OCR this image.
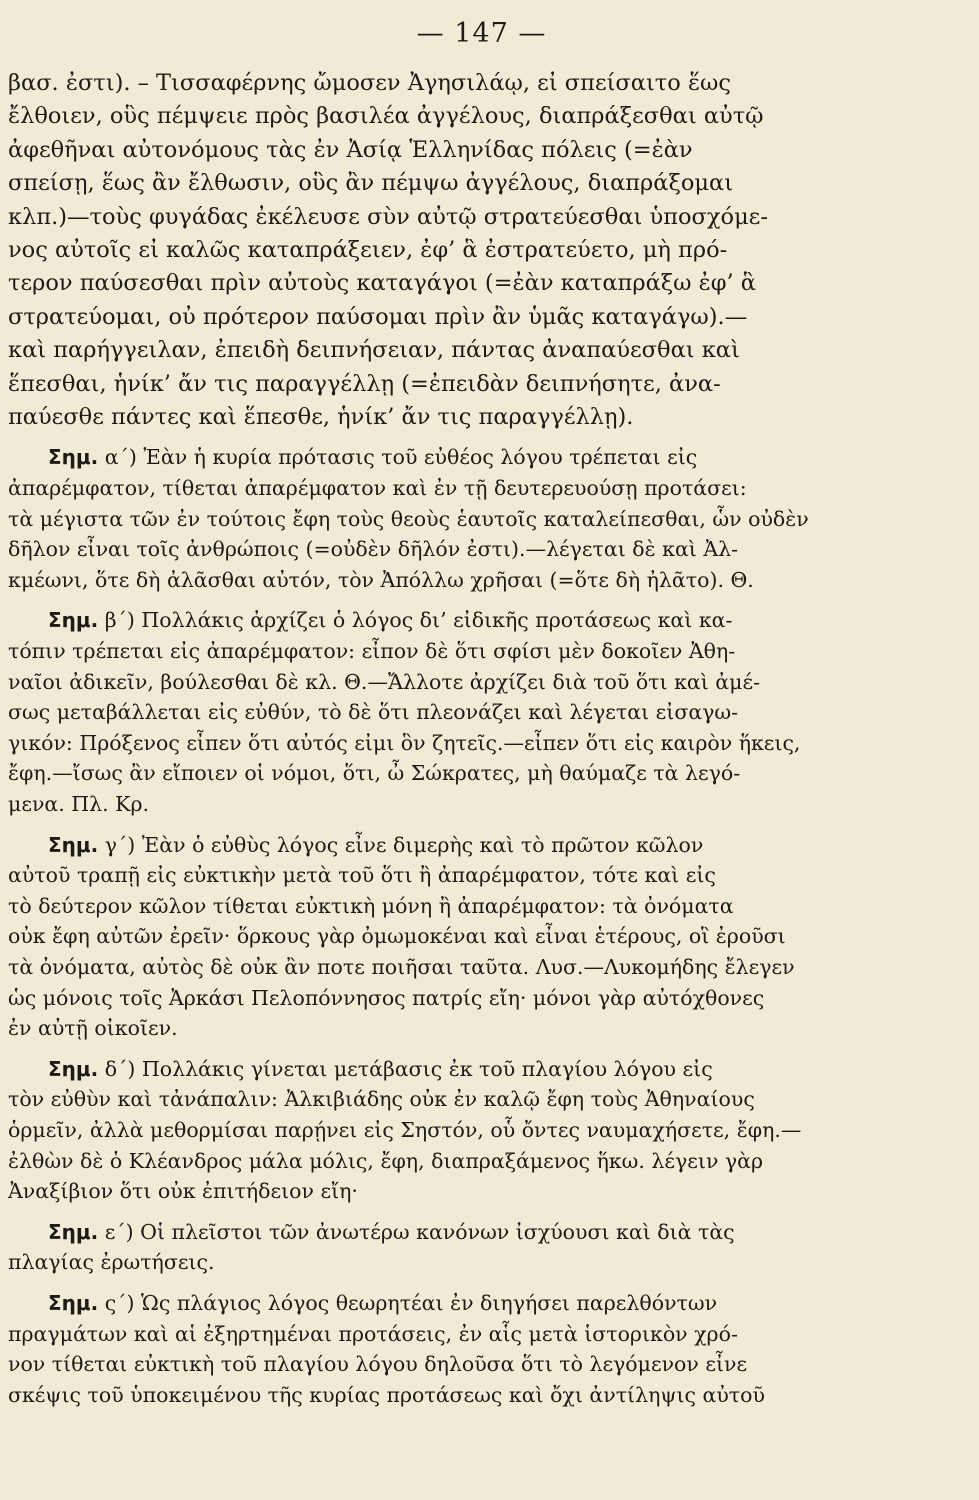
— 147 —

βασ. ἐστι). – Τισσαφέρνης ὤμοσεν Ἀγησιλάῳ, εἰ σπείσαιτο ἕως

ἔλθοιεν, οὓς πέμψειε πρὸς βασιλέα ἀγγέλους, διαπράξεσθαι αὐτῷ

ἀφεθῆναι αὐτονόμους τὰς ἐν Ἀσίᾳ Ἑλληνίδας πόλεις (=ἐὰν

σπείσῃ, ἕως ἂν ἔλθωσιν, οὓς ἂν πέμψω ἀγγέλους, διαπράξομαι

κλπ.)—τοὺς φυγάδας ἐκέλευσε σὺν αὐτῷ στρατεύεσθαι ὑποσχόμε-

νος αὐτοῖς εἰ καλῶς καταπράξειεν, ἐφ’ ἃ ἐστρατεύετο, μὴ πρό-

τερον παύσεσθαι πρὶν αὐτοὺς καταγάγοι (=ἐὰν καταπράξω ἐφ’ ἃ

στρατεύομαι, οὐ πρότερον παύσομαι πρὶν ἂν ὑμᾶς καταγάγω).—

καὶ παρήγγειλαν, ἐπειδὴ δειπνήσειαν, πάντας ἀναπαύεσθαι καὶ

ἕπεσθαι, ἡνίκ’ ἄν τις παραγγέλλῃ (=ἐπειδὰν δειπνήσητε, ἀνα-

παύεσθε πάντες καὶ ἕπεσθε, ἡνίκ’ ἄν τις παραγγέλλῃ).

Σημ. α΄) Ἐὰν ἡ κυρία πρότασις τοῦ εὐθέος λόγου τρέπεται εἰς

ἀπαρέμφατον, τίθεται ἀπαρέμφατον καὶ ἐν τῇ δευτερευούσῃ προτάσει:

τὰ μέγιστα τῶν ἐν τούτοις ἔφη τοὺς θεοὺς ἑαυτοῖς καταλείπεσθαι, ὧν οὐδὲν

δῆλον εἶναι τοῖς ἀνθρώποις (=οὐδὲν δῆλόν ἐστι).—λέγεται δὲ καὶ Ἀλ-

κμέωνι, ὅτε δὴ ἀλᾶσθαι αὐτόν, τὸν Ἀπόλλω χρῆσαι (=ὅτε δὴ ἠλᾶτο). Θ.

Σημ. β΄) Πολλάκις ἀρχίζει ὁ λόγος δι’ εἰδικῆς προτάσεως καὶ κα-

τόπιν τρέπεται εἰς ἀπαρέμφατον: εἶπον δὲ ὅτι σφίσι μὲν δοκοῖεν Ἀθη-

ναῖοι ἀδικεῖν, βούλεσθαι δὲ κλ. Θ.—Ἄλλοτε ἀρχίζει διὰ τοῦ ὅτι καὶ ἀμέ-

σως μεταβάλλεται εἰς εὐθύν, τὸ δὲ ὅτι πλεονάζει καὶ λέγεται εἰσαγω-

γικόν: Πρόξενος εἶπεν ὅτι αὐτός εἰμι ὃν ζητεῖς.—εἶπεν ὅτι εἰς καιρὸν ἥκεις,

ἔφη.—ἴσως ἂν εἴποιεν οἱ νόμοι, ὅτι, ὦ Σώκρατες, μὴ θαύμαζε τὰ λεγό-

μενα. Πλ. Κρ.

Σημ. γ΄) Ἐὰν ὁ εὐθὺς λόγος εἶνε διμερὴς καὶ τὸ πρῶτον κῶλον

αὐτοῦ τραπῇ εἰς εὐκτικὴν μετὰ τοῦ ὅτι ἢ ἀπαρέμφατον, τότε καὶ εἰς

τὸ δεύτερον κῶλον τίθεται εὐκτικὴ μόνη ἢ ἀπαρέμφατον: τὰ ὀνόματα

οὐκ ἔφη αὐτῶν ἐρεῖν· ὅρκους γὰρ ὀμωμοκέναι καὶ εἶναι ἑτέρους, οἳ ἐροῦσι

τὰ ὀνόματα, αὐτὸς δὲ οὐκ ἂν ποτε ποιῆσαι ταῦτα. Λυσ.—Λυκομήδης ἔλεγεν

ὡς μόνοις τοῖς Ἀρκάσι Πελοπόννησος πατρίς εἴη· μόνοι γὰρ αὐτόχθονες

ἐν αὐτῇ οἰκοῖεν.

Σημ. δ΄) Πολλάκις γίνεται μετάβασις ἐκ τοῦ πλαγίου λόγου εἰς

τὸν εὐθὺν καὶ τἀνάπαλιν: Ἀλκιβιάδης οὐκ ἐν καλῷ ἔφη τοὺς Ἀθηναίους

ὁρμεῖν, ἀλλὰ μεθορμίσαι παρῄνει εἰς Σηστόν, οὗ ὄντες ναυμαχήσετε, ἔφη.—

ἐλθὼν δὲ ὁ Κλέανδρος μάλα μόλις, ἔφη, διαπραξάμενος ἥκω. λέγειν γὰρ

Ἀναξίβιον ὅτι οὐκ ἐπιτήδειον εἴη·

Σημ. ε΄) Οἱ πλεῖστοι τῶν ἀνωτέρω κανόνων ἰσχύουσι καὶ διὰ τὰς

πλαγίας ἐρωτήσεις.

Σημ. ς΄) Ὡς πλάγιος λόγος θεωρητέαι ἐν διηγήσει παρελθόντων

πραγμάτων καὶ αἱ ἐξηρτημέναι προτάσεις, ἐν αἷς μετὰ ἱστορικὸν χρό-

νον τίθεται εὐκτικὴ τοῦ πλαγίου λόγου δηλοῦσα ὅτι τὸ λεγόμενον εἶνε

σκέψις τοῦ ὑποκειμένου τῆς κυρίας προτάσεως καὶ ὄχι ἀντίληψις αὐτοῦ
